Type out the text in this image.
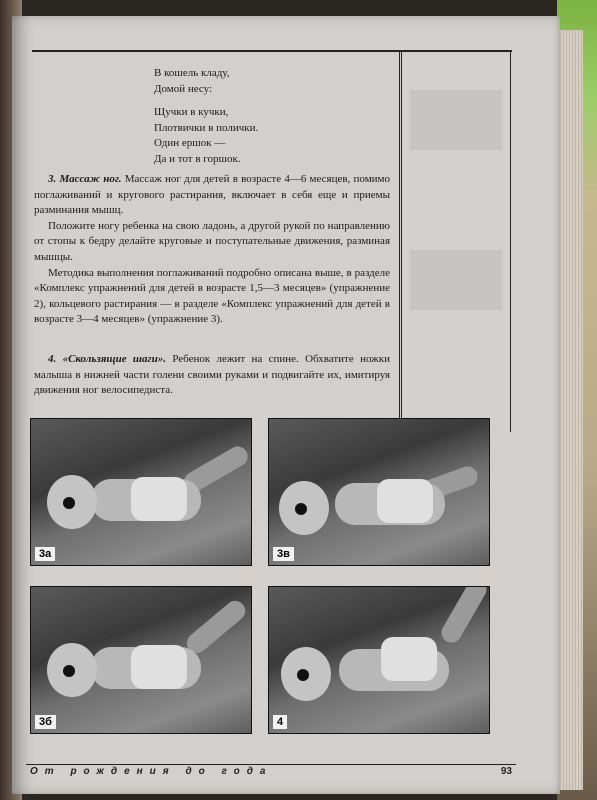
В кошель кладу,
Домой несу:
Щучки в кучки,
Плотвички в полички.
Один ершок —
Да и тот в горшок.

3. Массаж ног. Массаж ног для детей в возрасте 4—6 месяцев, помимо поглаживаний и кругового растирания, включает в себя еще и приемы разминания мышц.

Положите ногу ребенка на свою ладонь, а другой рукой по направлению от стопы к бедру делайте круговые и поступательные движения, разминая мышцы.

Методика выполнения поглаживаний подробно описана выше, в разделе «Комплекс упражнений для детей в возрасте 1,5—3 месяцев» (упражнение 2), кольцевого растирания — в разделе «Комплекс упражнений для детей в возрасте 3—4 месяцев» (упражнение 3).

4. «Скользящие шаги». Ребенок лежит на спине. Обхватите ножки малыша в нижней части голени своими руками и подвигайте их, имитируя движения ног велосипедиста.

3а	3в
3б	4
От рождения до года	93
